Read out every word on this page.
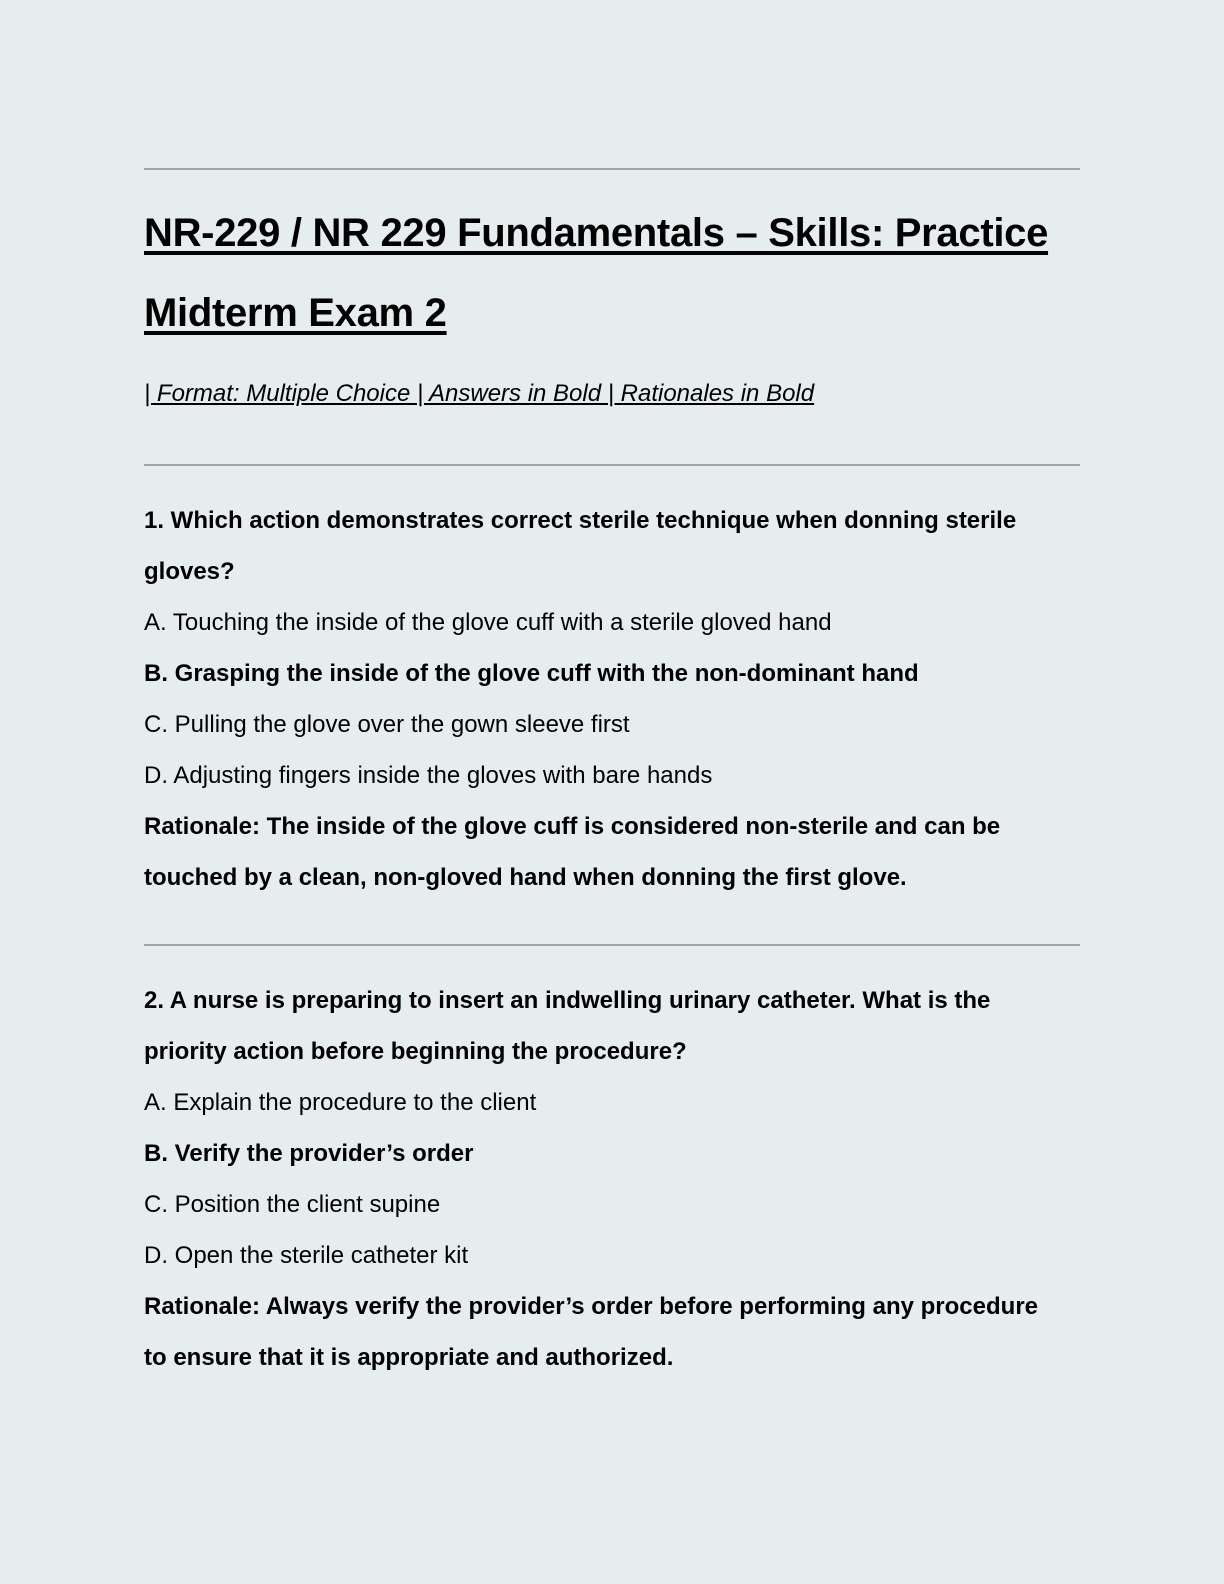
NR-229 / NR 229 Fundamentals – Skills: Practice
Midterm Exam 2

| Format: Multiple Choice | Answers in Bold | Rationales in Bold

1. Which action demonstrates correct sterile technique when donning sterile

gloves?

A. Touching the inside of the glove cuff with a sterile gloved hand

B. Grasping the inside of the glove cuff with the non-dominant hand

C. Pulling the glove over the gown sleeve first

D. Adjusting fingers inside the gloves with bare hands

Rationale: The inside of the glove cuff is considered non-sterile and can be

touched by a clean, non-gloved hand when donning the first glove.

2. A nurse is preparing to insert an indwelling urinary catheter. What is the

priority action before beginning the procedure?

A. Explain the procedure to the client

B. Verify the provider’s order

C. Position the client supine

D. Open the sterile catheter kit

Rationale: Always verify the provider’s order before performing any procedure

to ensure that it is appropriate and authorized.
